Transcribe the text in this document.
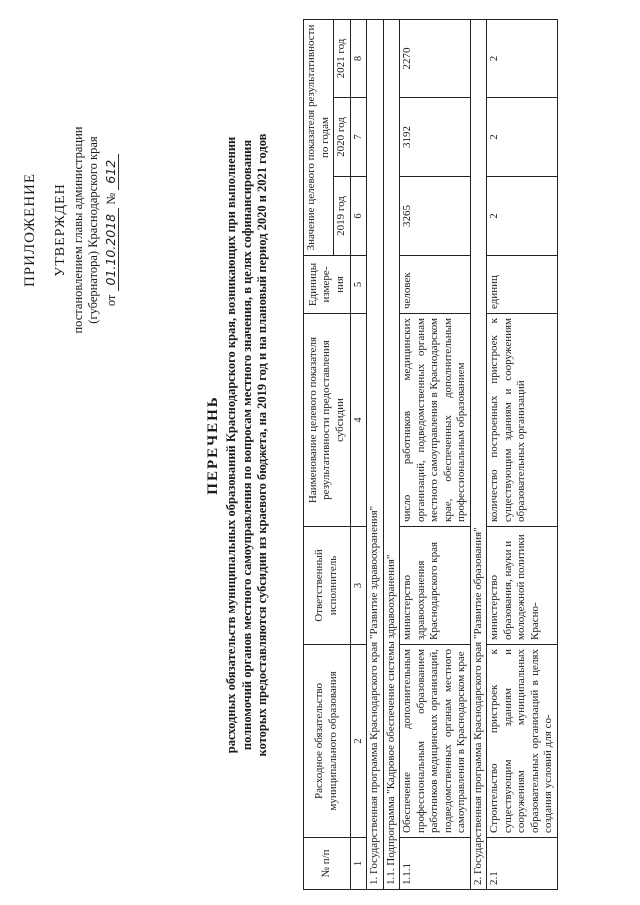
ПРИЛОЖЕНИЕ УТВЕРЖДЕН постановлением главы администрации (губернатора) Краснодарского края от 01.10.2018 № 612
ПЕРЕЧЕНЬ расходных обязательств муниципальных образований Краснодарского края, возникающих при выполнении полномочий органов местного самоуправления по вопросам местного значения, в целях софинансирования которых предоставляются субсидии из краевого бюджета, на 2019 год и на плановый период 2020 и 2021 годов
№ п/п	Расходное обязательство муниципального образования	Ответственный исполнитель	Наименование целевого показателя результативности предоставления субсидии	Единицы измере- ния	Значение целевого показателя результативности по годам		
					2019 год	2020 год	2021 год
1	2	3	4	5	6	7	8
1. Государственная программа Краснодарского края "Развитие здравоохранения"							
1.1. Подпрограмма "Кадровое обеспечение системы здравоохранения"							
1.1.1	Обеспечение дополнительным профессиональным образованием работников медицинских организаций, подведомственных органам местного самоуправления в Краснодарском крае	министерство здравоохранения Краснодарского края	число работников медицинских организаций, подведомственных органам местного самоуправления в Краснодарском крае, обеспеченных дополнительным профессиональным образованием	человек	3265	3192	2270
2. Государственная программа Краснодарского края "Развитие образования"							
2.1	Строительство пристроек к существующим зданиям и сооружениям муниципальных образовательных организаций в целях создания условий для со-	министерство образования, науки и молодежной политики Красно-	количество построенных пристроек к существующим зданиям и сооружениям образовательных организаций	единиц	2	2	2
